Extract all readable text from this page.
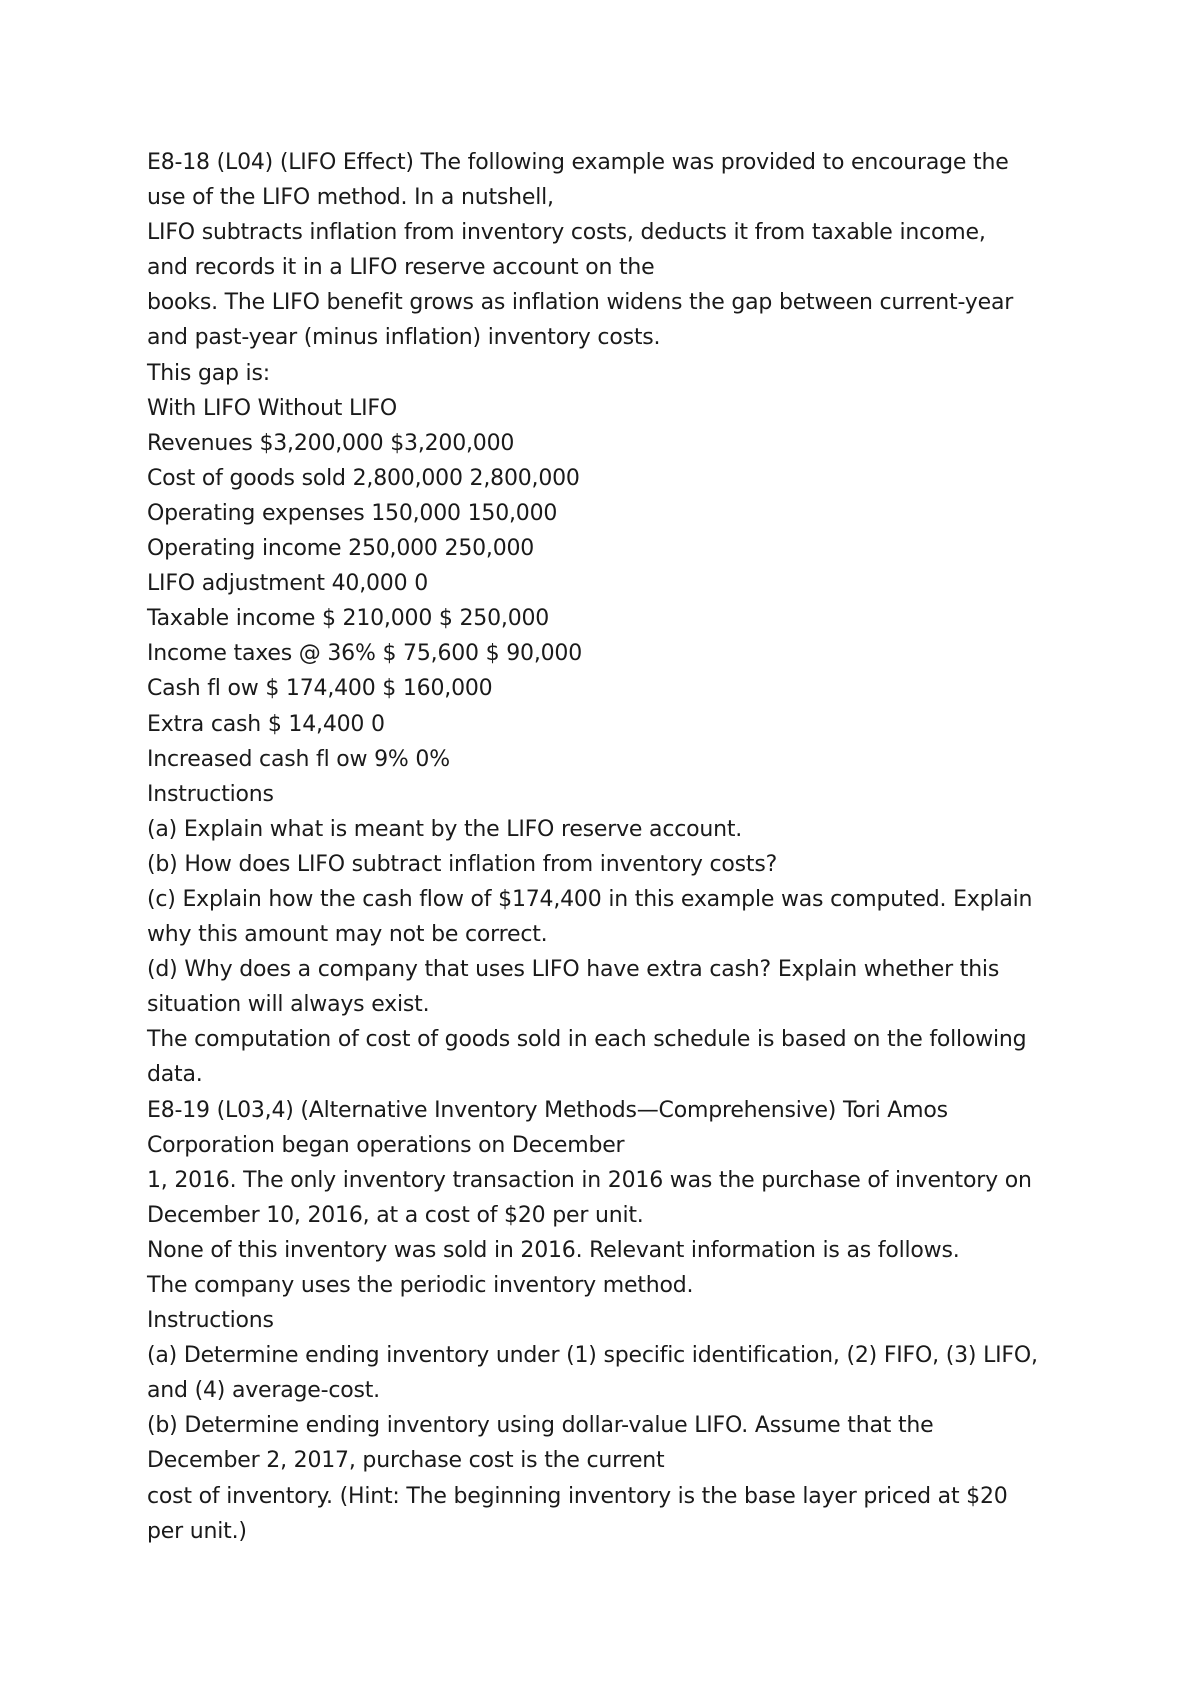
E8-18 (L04) (LIFO Effect) The following example was provided to encourage the
use of the LIFO method. In a nutshell,
LIFO subtracts inflation from inventory costs, deducts it from taxable income,
and records it in a LIFO reserve account on the
books. The LIFO benefit grows as inflation widens the gap between current-year
and past-year (minus inflation) inventory costs.
This gap is:
With LIFO Without LIFO
Revenues $3,200,000 $3,200,000
Cost of goods sold 2,800,000 2,800,000
Operating expenses 150,000 150,000
Operating income 250,000 250,000
LIFO adjustment 40,000 0
Taxable income $ 210,000 $ 250,000
Income taxes @ 36% $ 75,600 $ 90,000
Cash fl ow $ 174,400 $ 160,000
Extra cash $ 14,400 0
Increased cash fl ow 9% 0%
Instructions
(a) Explain what is meant by the LIFO reserve account.
(b) How does LIFO subtract inflation from inventory costs?
(c) Explain how the cash flow of $174,400 in this example was computed. Explain
why this amount may not be correct.
(d) Why does a company that uses LIFO have extra cash? Explain whether this
situation will always exist.
The computation of cost of goods sold in each schedule is based on the following
data.
E8-19 (L03,4) (Alternative Inventory Methods—Comprehensive) Tori Amos
Corporation began operations on December
1, 2016. The only inventory transaction in 2016 was the purchase of inventory on
December 10, 2016, at a cost of $20 per unit.
None of this inventory was sold in 2016. Relevant information is as follows.
The company uses the periodic inventory method.
Instructions
(a) Determine ending inventory under (1) specific identification, (2) FIFO, (3) LIFO,
and (4) average-cost.
(b) Determine ending inventory using dollar-value LIFO. Assume that the
December 2, 2017, purchase cost is the current
cost of inventory. (Hint: The beginning inventory is the base layer priced at $20
per unit.)
